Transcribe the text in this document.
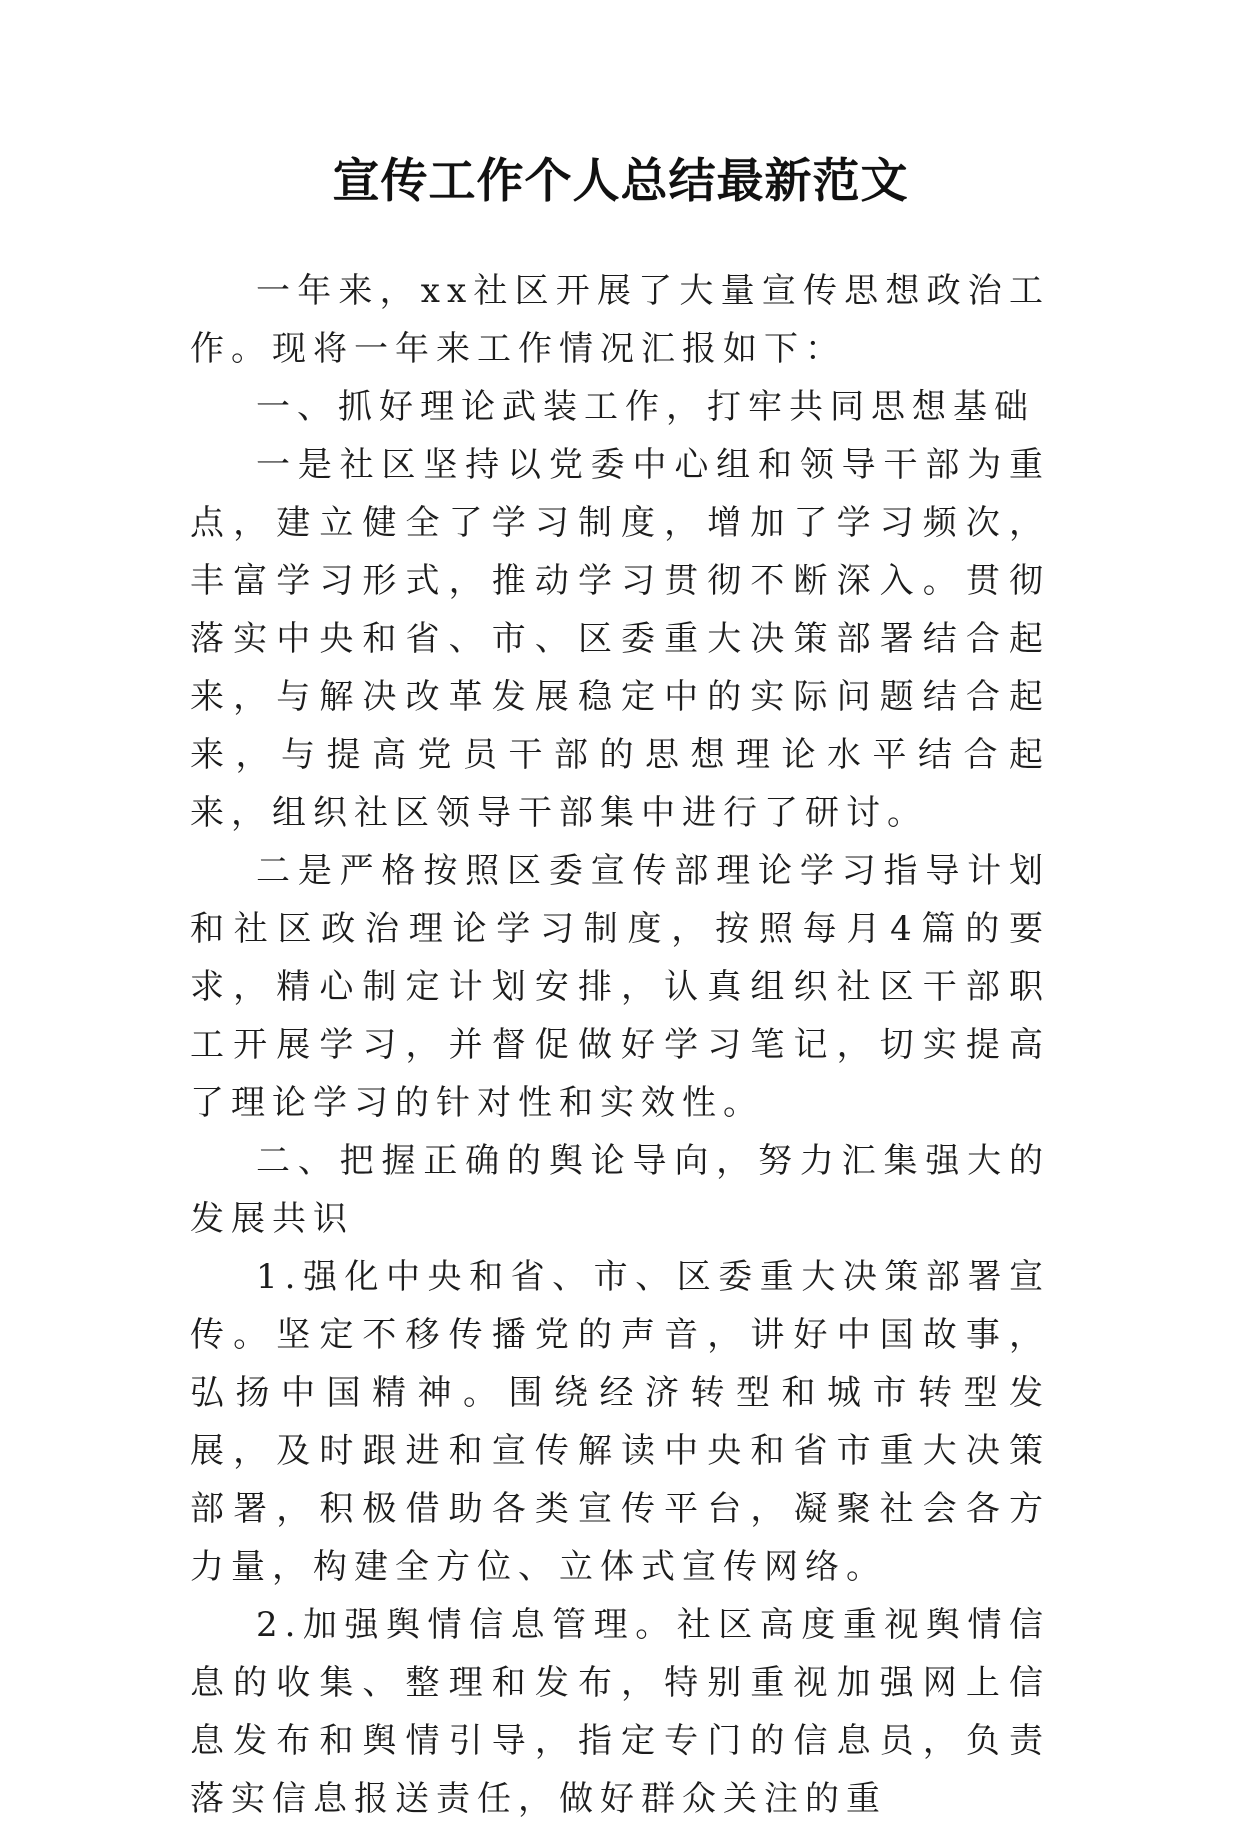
宣传工作个人总结最新范文

一年来，xx社区开展了大量宣传思想政治工作。现将一年来工作情况汇报如下：

一、抓好理论武装工作，打牢共同思想基础

一是社区坚持以党委中心组和领导干部为重点，建立健全了学习制度，增加了学习频次，丰富学习形式，推动学习贯彻不断深入。贯彻落实中央和省、市、区委重大决策部署结合起来，与解决改革发展稳定中的实际问题结合起来，与提高党员干部的思想理论水平结合起来，组织社区领导干部集中进行了研讨。

二是严格按照区委宣传部理论学习指导计划和社区政治理论学习制度，按照每月4篇的要求，精心制定计划安排，认真组织社区干部职工开展学习，并督促做好学习笔记，切实提高了理论学习的针对性和实效性。

二、把握正确的舆论导向，努力汇集强大的发展共识

1.强化中央和省、市、区委重大决策部署宣传。坚定不移传播党的声音，讲好中国故事，弘扬中国精神。围绕经济转型和城市转型发展，及时跟进和宣传解读中央和省市重大决策部署，积极借助各类宣传平台，凝聚社会各方力量，构建全方位、立体式宣传网络。

2.加强舆情信息管理。社区高度重视舆情信息的收集、整理和发布，特别重视加强网上信息发布和舆情引导，指定专门的信息员，负责落实信息报送责任，做好群众关注的重
